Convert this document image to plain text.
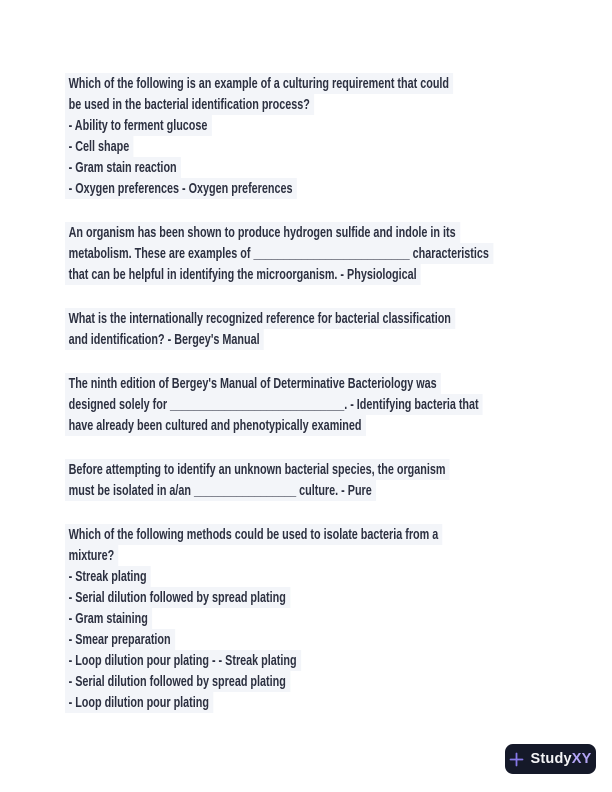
Which of the following is an example of a culturing requirement that could
be used in the bacterial identification process?
- Ability to ferment glucose
- Cell shape
- Gram stain reaction
- Oxygen preferences - Oxygen preferences
An organism has been shown to produce hydrogen sulfide and indole in its
metabolism. These are examples of __________________________ characteristics
that can be helpful in identifying the microorganism. - Physiological
What is the internationally recognized reference for bacterial classification
and identification? - Bergey's Manual
The ninth edition of Bergey's Manual of Determinative Bacteriology was
designed solely for _____________________________. - Identifying bacteria that
have already been cultured and phenotypically examined
Before attempting to identify an unknown bacterial species, the organism
must be isolated in a/an _________________ culture. - Pure
Which of the following methods could be used to isolate bacteria from a
mixture?
- Streak plating
- Serial dilution followed by spread plating
- Gram staining
- Smear preparation
- Loop dilution pour plating - - Streak plating
- Serial dilution followed by spread plating
- Loop dilution pour plating
StudyXY
